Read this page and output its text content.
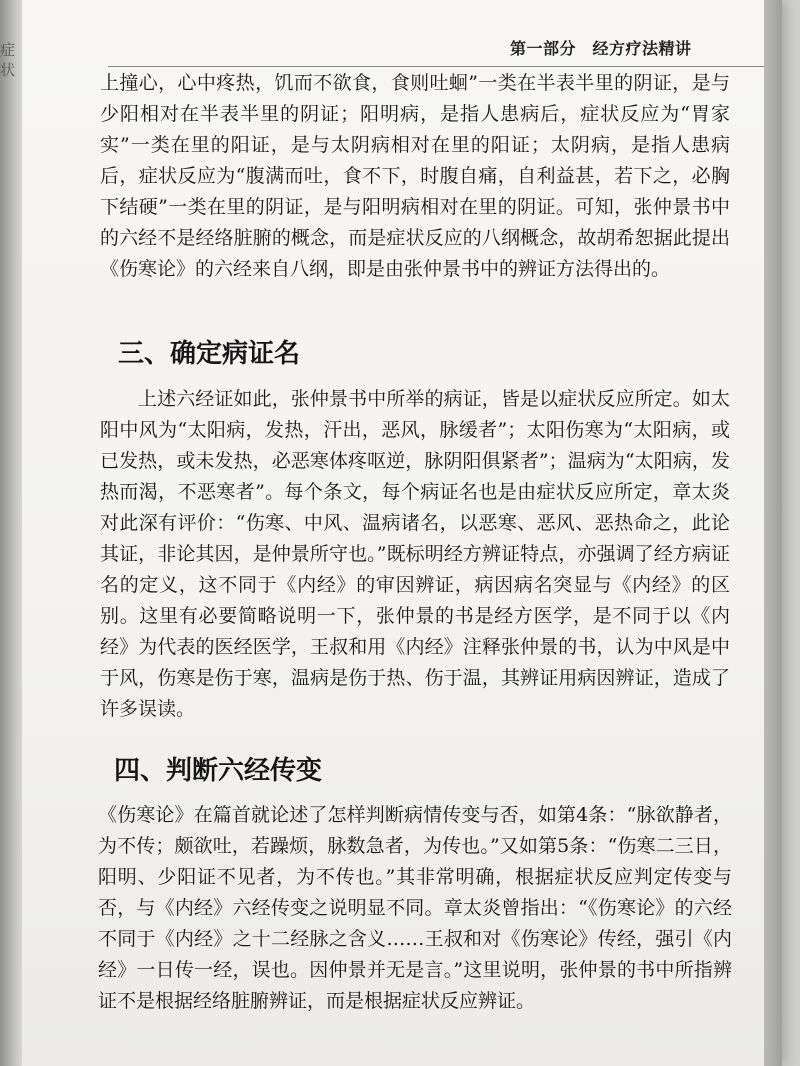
症
状
第一部分　经方疗法精讲

上撞心，心中疼热，饥而不欲食，食则吐蛔”一类在半表半里的阴证，是与少阳相对在半表半里的阴证；阳明病，是指人患病后，症状反应为“胃家实”一类在里的阳证，是与太阴病相对在里的阳证；太阴病，是指人患病后，症状反应为“腹满而吐，食不下，时腹自痛，自利益甚，若下之，必胸下结硬”一类在里的阴证，是与阳明病相对在里的阴证。可知，张仲景书中的六经不是经络脏腑的概念，而是症状反应的八纲概念，故胡希恕据此提出《伤寒论》的六经来自八纲，即是由张仲景书中的辨证方法得出的。

三、确定病证名

上述六经证如此，张仲景书中所举的病证，皆是以症状反应所定。如太阳中风为“太阳病，发热，汗出，恶风，脉缓者”；太阳伤寒为“太阳病，或已发热，或未发热，必恶寒体疼呕逆，脉阴阳俱紧者”；温病为“太阳病，发热而渴，不恶寒者”。每个条文，每个病证名也是由症状反应所定，章太炎对此深有评价：“伤寒、中风、温病诸名，以恶寒、恶风、恶热命之，此论其证，非论其因，是仲景所守也。”既标明经方辨证特点，亦强调了经方病证名的定义，这不同于《内经》的审因辨证，病因病名突显与《内经》的区别。这里有必要简略说明一下，张仲景的书是经方医学，是不同于以《内经》为代表的医经医学，王叔和用《内经》注释张仲景的书，认为中风是中于风，伤寒是伤于寒，温病是伤于热、伤于温，其辨证用病因辨证，造成了许多误读。

四、判断六经传变

《伤寒论》在篇首就论述了怎样判断病情传变与否，如第4条：“脉欲静者，为不传；颇欲吐，若躁烦，脉数急者，为传也。”又如第5条：“伤寒二三日，阳明、少阳证不见者，为不传也。”其非常明确，根据症状反应判定传变与否，与《内经》六经传变之说明显不同。章太炎曾指出：“《伤寒论》的六经不同于《内经》之十二经脉之含义……王叔和对《伤寒论》传经，强引《内经》一日传一经，误也。因仲景并无是言。”这里说明，张仲景的书中所指辨证不是根据经络脏腑辨证，而是根据症状反应辨证。
